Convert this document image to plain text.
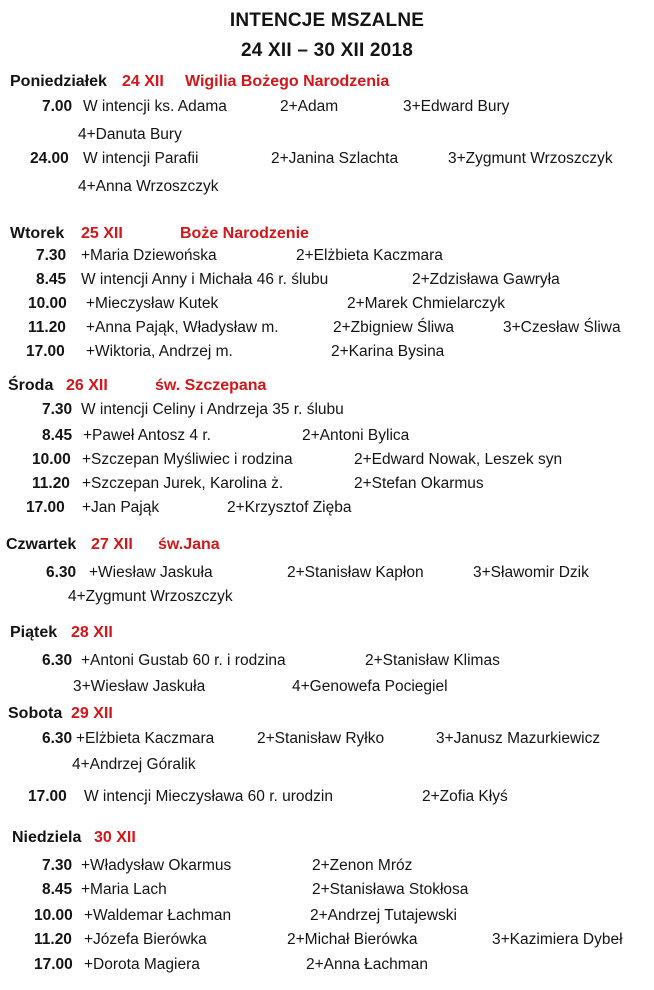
INTENCJE MSZALNE
24 XII – 30 XII 2018
Poniedziałek 24 XII Wigilia Bożego Narodzenia
7.00 W intencji ks. Adama	2+Adam	3+Edward Bury
4+Danuta Bury
24.00 W intencji Parafii	2+Janina Szlachta	3+Zygmunt Wrzoszczyk
4+Anna Wrzoszczyk
Wtorek 25 XII	Boże Narodzenie
7.30 +Maria Dziewońska	2+Elżbieta Kaczmara
8.45 W intencji Anny i Michała 46 r. ślubu	2+Zdzisława Gawryła
10.00 +Mieczysław Kutek	2+Marek Chmielarczyk
11.20 +Anna Pająk, Władysław m.	2+Zbigniew Śliwa	3+Czesław Śliwa
17.00 +Wiktoria, Andrzej m.	2+Karina Bysina
Środa 26 XII	św. Szczepana
7.30 W intencji Celiny i Andrzeja 35 r. ślubu
8.45 +Paweł Antosz 4 r.	2+Antoni Bylica
10.00 +Szczepan Myśliwiec i rodzina	2+Edward Nowak, Leszek syn
11.20 +Szczepan Jurek, Karolina ż.	2+Stefan Okarmus
17.00 +Jan Pająk	2+Krzysztof Zięba
Czwartek 27 XII św.Jana
6.30 +Wiesław Jaskuła	2+Stanisław Kapłon	3+Sławomir Dzik
4+Zygmunt Wrzoszczyk
Piątek 28 XII
6.30 +Antoni Gustab 60 r. i rodzina	2+Stanisław Klimas
3+Wiesław Jaskuła	4+Genowefa Pociegiel
Sobota 29 XII
6.30 +Elżbieta Kaczmara	2+Stanisław Ryłko	3+Janusz Mazurkiewicz
4+Andrzej Góralik
17.00 W intencji Mieczysława 60 r. urodzin	2+Zofia Kłyś
Niedziela 30 XII
7.30 +Władysław Okarmus	2+Zenon Mróz
8.45 +Maria Lach	2+Stanisława Stokłosa
10.00 +Waldemar Łachman	2+Andrzej Tutajewski
11.20 +Józefa Bierówka	2+Michał Bierówka	3+Kazimiera Dybeł
17.00 +Dorota Magiera	2+Anna Łachman
